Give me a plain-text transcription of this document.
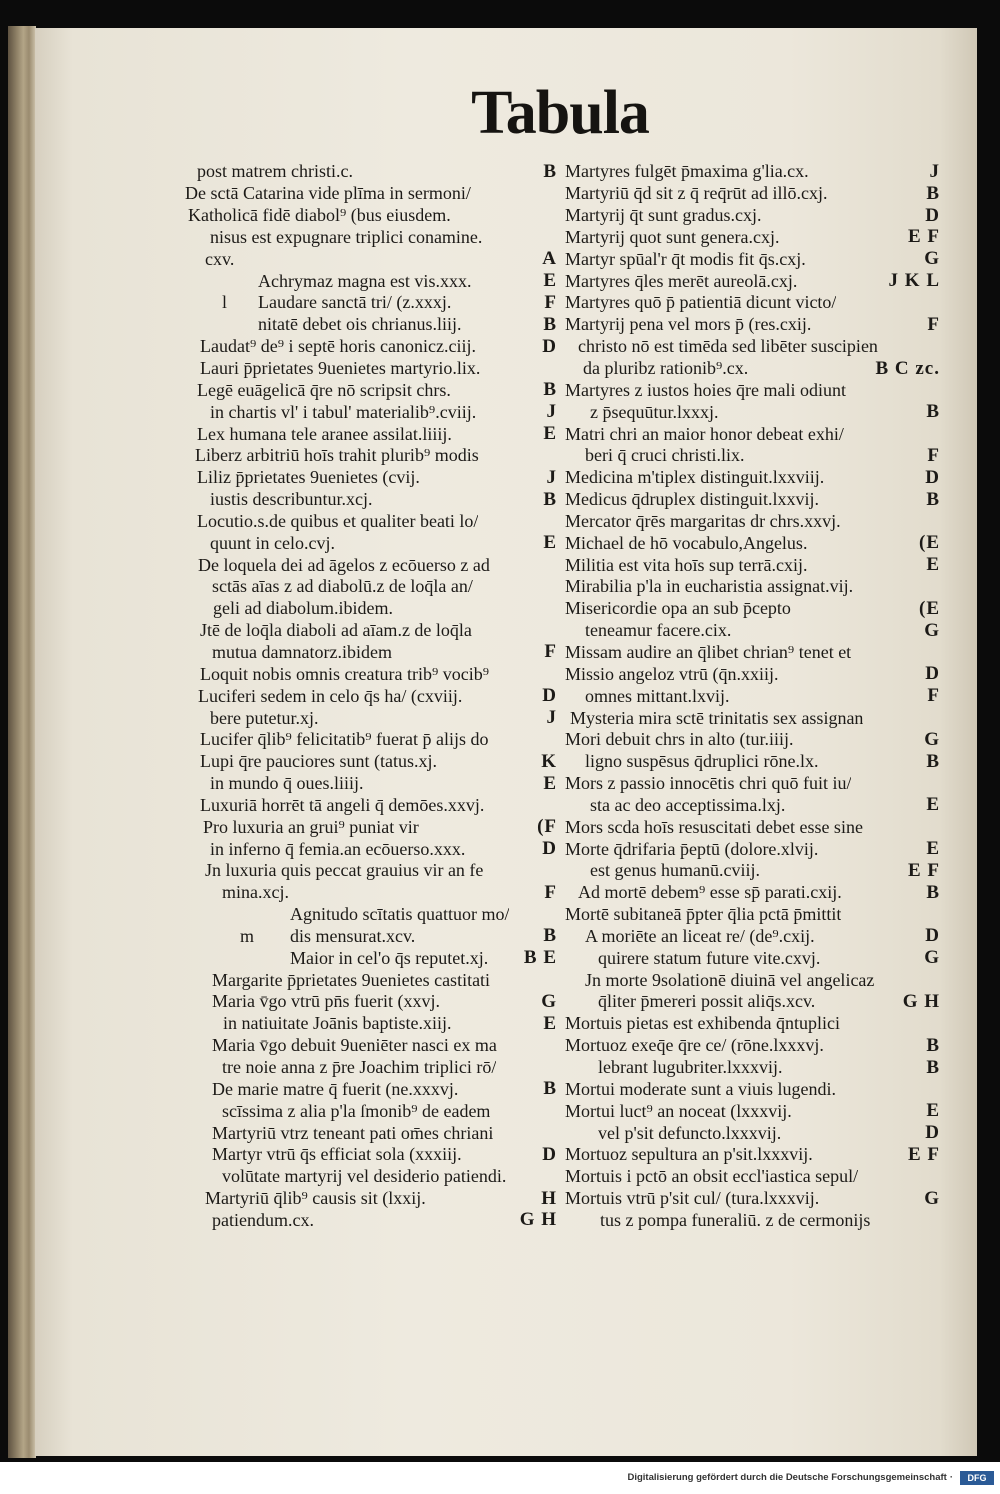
Tabula
post matrem christi.c.	B
De sctā Catarina vide plīma in sermoni/
Katholicā fidē diabol⁹ (bus eiusdem.
nisus est expugnare triplici conamine.
cxv.	A
Achrymaz magna est vis.xxx.	E
l Laudare sanctā tri/ (z.xxxj.	F
nitatē debet ois chrianus.liij.	B
Laudat⁹ de⁹ i septē horis canonicz.ciij.	D
Lauri p̄prietates 9uenietes martyrio.lix.
Legē euāgelicā q̄re nō scripsit chrs.	B
in chartis vl' i tabul' materialib⁹.cviij.	J
Lex humana tele aranee assilat.liiij.	E
Liberz arbitriū hoīs trahit plurib⁹ modis
Liliz p̄prietates 9uenietes (cvij.	J
iustis describuntur.xcj.	B
Locutio.s.de quibus et qualiter beati lo/
quunt in celo.cvj.	E
De loquela dei ad āgelos z ecōuerso z ad
sctās aīas z ad diabolū.z de loq̄la an/
geli ad diabolum.ibidem.
Jtē de loq̄la diaboli ad aīam.z de loq̄la
mutua damnatorz.ibidem	F
Loquit nobis omnis creatura trib⁹ vocib⁹
Luciferi sedem in celo q̄s ha/ (cxviij.	D
bere putetur.xj.	J
Lucifer q̄lib⁹ felicitatib⁹ fuerat p̄ alijs do
Lupi q̄re pauciores sunt (tatus.xj.	K
in mundo q̄ oues.liiij.	E
Luxuriā horrēt tā angeli q̄ demōes.xxvj.
Pro luxuria an grui⁹ puniat vir	(F
in inferno q̄ femia.an ecōuerso.xxx.	D
Jn luxuria quis peccat grauius vir an fe
mina.xcj.	F
Agnitudo scītatis quattuor mo/
m dis mensurat.xcv.	B
Maior in cel'o q̄s reputet.xj. B E
Margarite p̄prietates 9uenietes castitati
Maria v̄go vtrū pn̄s fuerit (xxvj.	G
in natiuitate Joānis baptiste.xiij.	E
Maria v̄go debuit 9ueniēter nasci ex ma
tre noie anna z p̄re Joachim triplici rō/
De marie matre q̄ fuerit (ne.xxxvj.	B
scīssima z alia p'la ſmonib⁹ de eadem
Martyriū vtrz teneant pati om̄es chriani
Martyr vtrū q̄s efficiat sola (xxxiij.	D
volūtate martyrij vel desiderio patiendi.
Martyriū q̄lib⁹ causis sit (lxxij.	H
patiendum.cx.	G H
Martyres fulgēt p̄maxima g'lia.cx.	J
Martyriū q̄d sit z q̄ req̄rūt ad illō.cxj.	B
Martyrij q̄t sunt gradus.cxj.	D
Martyrij quot sunt genera.cxj.	E F
Martyr spūal'r q̄t modis fit q̄s.cxj.	G
Martyres q̄les merēt aureolā.cxj.	J K L
Martyres quō p̄ patientiā dicunt victo/
Martyrij pena vel mors p̄ (res.cxij.	F
christo nō est timēda sed libēter suscipien
da pluribz rationib⁹.cx.	B C zc.
Martyres z iustos hoies q̄re mali odiunt
z p̄sequūtur.lxxxj.	B
Matri chri an maior honor debeat exhi/
beri q̄ cruci christi.lix.	F
Medicina m'tiplex distinguit.lxxviij.	D
Medicus q̄druplex distinguit.lxxvij.	B
Mercator q̄rēs margaritas dr chrs.xxvj.
Michael de hō vocabulo,Angelus.	(E
Militia est vita hoīs sup terrā.cxij.	E
Mirabilia p'la in eucharistia assignat.vij.
Misericordie opa an sub p̄cepto	(E
teneamur facere.cix.	G
Missam audire an q̄libet chrian⁹ tenet et
Missio angeloz vtrū (q̄n.xxiij.	D
omnes mittant.lxvij.	F
Mysteria mira sctē trinitatis sex assignan
Mori debuit chrs in alto (tur.iiij.	G
ligno suspēsus q̄druplici rōne.lx.	B
Mors z passio innocētis chri quō fuit iu/
sta ac deo acceptissima.lxj.	E
Mors scda hoīs resuscitati debet esse sine
Morte q̄drifaria p̄eptū (dolore.xlvij.	E
est genus humanū.cviij.	E F
Ad mortē debem⁹ esse sp̄ parati.cxij.	B
Mortē subitaneā p̄pter q̄lia pctā p̄mittit
A moriēte an liceat re/ (de⁹.cxij.	D
quirere statum future vite.cxvj.	G
Jn morte 9solationē diuinā vel angelicaz
q̄liter p̄mereri possit aliq̄s.xcv.	G H
Mortuis pietas est exhibenda q̄ntuplici
Mortuoz exeq̄e q̄re ce/ (rōne.lxxxvj.	B
lebrant lugubriter.lxxxvij.	B
Mortui moderate sunt a viuis lugendi.
Mortui luct⁹ an noceat (lxxxvij.	E
vel p'sit defuncto.lxxxvij.	D
Mortuoz sepultura an p'sit.lxxxvij.	E F
Mortuis i pctō an obsit eccl'iastica sepul/
Mortuis vtrū p'sit cul/ (tura.lxxxvij.	G
tus z pompa funeraliū. z de cermonijs
Digitalisierung gefördert durch die Deutsche Forschungsgemeinschaft ·	DFG
